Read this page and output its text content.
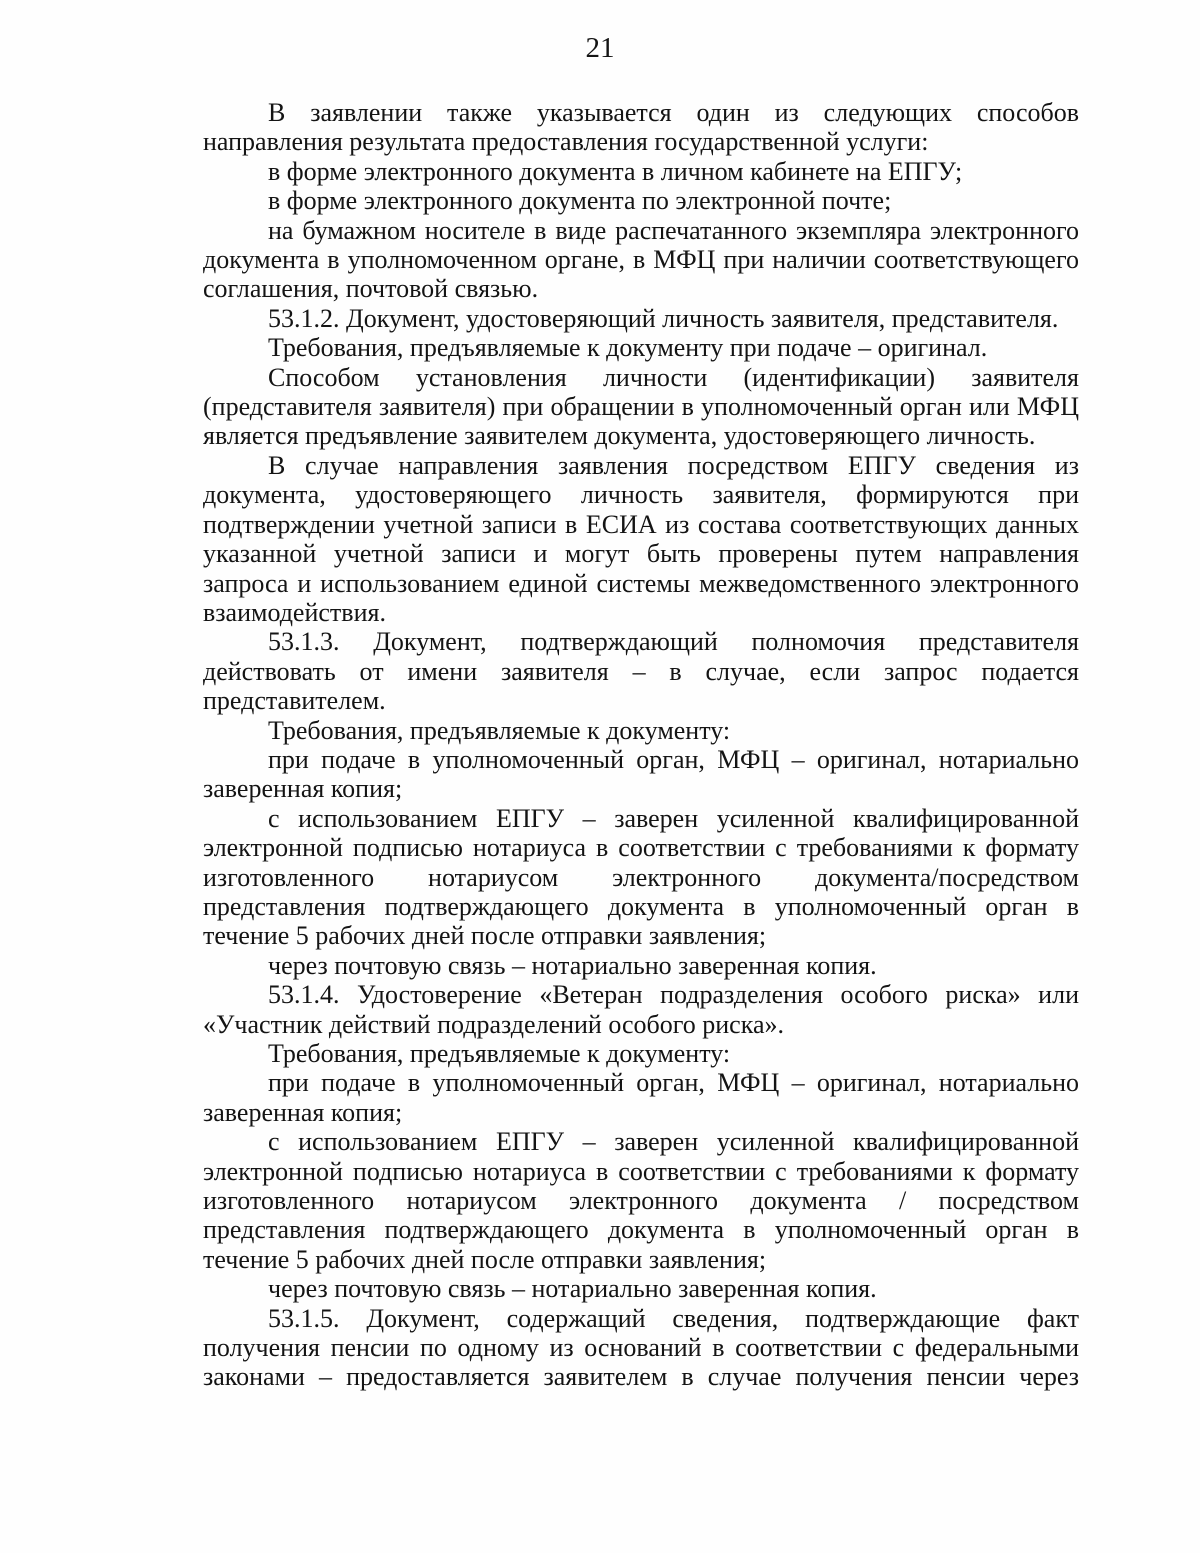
21

В заявлении также указывается один из следующих способов направления результата предоставления государственной услуги:

в форме электронного документа в личном кабинете на ЕПГУ;

в форме электронного документа по электронной почте;

на бумажном носителе в виде распечатанного экземпляра электронного документа в уполномоченном органе, в МФЦ при наличии соответствующего соглашения, почтовой связью.

53.1.2. Документ, удостоверяющий личность заявителя, представителя.

Требования, предъявляемые к документу при подаче – оригинал.

Способом установления личности (идентификации) заявителя (представителя заявителя) при обращении в уполномоченный орган или МФЦ является предъявление заявителем документа, удостоверяющего личность.

В случае направления заявления посредством ЕПГУ сведения из документа, удостоверяющего личность заявителя, формируются при подтверждении учетной записи в ЕСИА из состава соответствующих данных указанной учетной записи и могут быть проверены путем направления запроса и использованием единой системы межведомственного электронного взаимодействия.

53.1.3. Документ, подтверждающий полномочия представителя действовать от имени заявителя – в случае, если запрос подается представителем.

Требования, предъявляемые к документу:

при подаче в уполномоченный орган, МФЦ – оригинал, нотариально заверенная копия;

с использованием ЕПГУ – заверен усиленной квалифицированной электронной подписью нотариуса в соответствии с требованиями к формату изготовленного нотариусом электронного документа/посредством представления подтверждающего документа в уполномоченный орган в течение 5 рабочих дней после отправки заявления;

через почтовую связь – нотариально заверенная копия.

53.1.4. Удостоверение «Ветеран подразделения особого риска» или «Участник действий подразделений особого риска».

Требования, предъявляемые к документу:

при подаче в уполномоченный орган, МФЦ – оригинал, нотариально заверенная копия;

с использованием ЕПГУ – заверен усиленной квалифицированной электронной подписью нотариуса в соответствии с требованиями к формату изготовленного нотариусом электронного документа / посредством представления подтверждающего документа в уполномоченный орган в течение 5 рабочих дней после отправки заявления;

через почтовую связь – нотариально заверенная копия.

53.1.5. Документ, содержащий сведения, подтверждающие факт получения пенсии по одному из оснований в соответствии с федеральными законами – предоставляется заявителем в случае получения пенсии через
